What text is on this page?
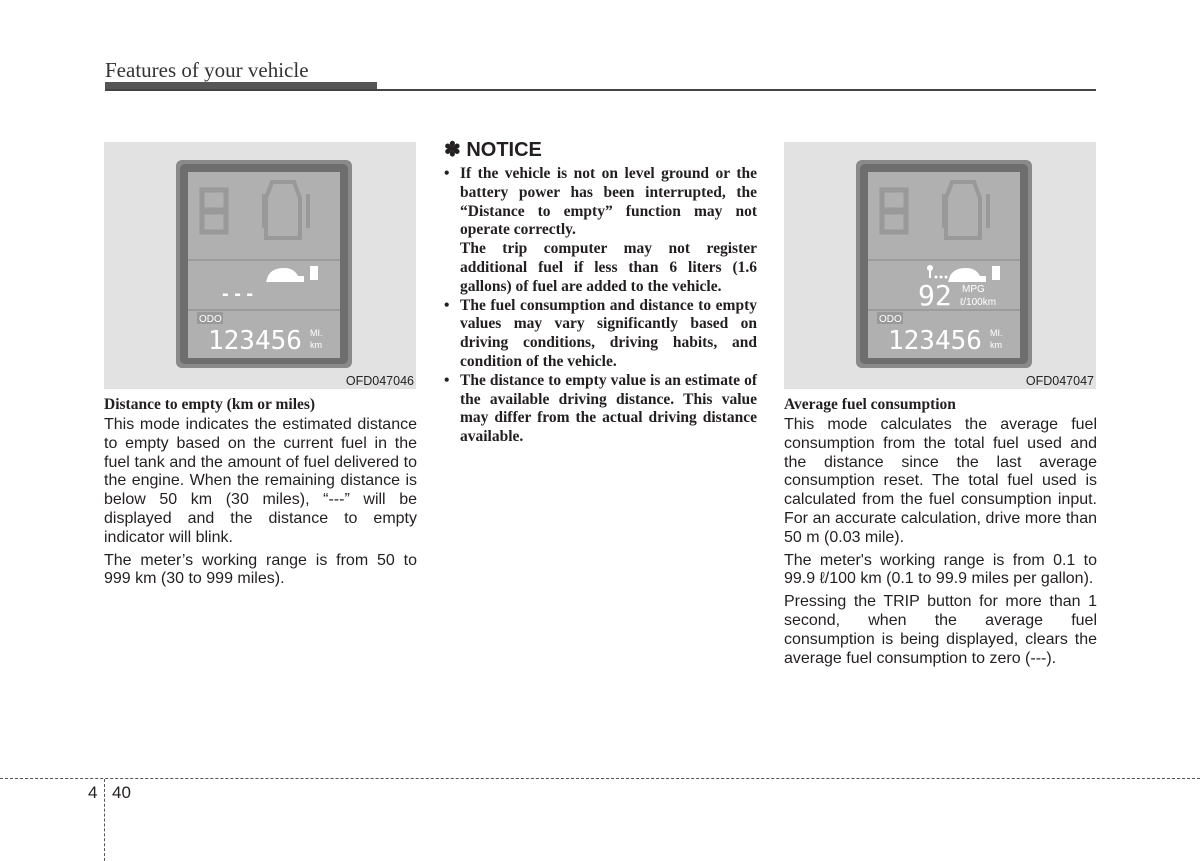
Features of your vehicle
- - -
ODO
123456 MI.
km
OFD047046
Distance to empty (km or miles)

This mode indicates the estimated distance to empty based on the current fuel in the fuel tank and the amount of fuel delivered to the engine. When the remaining distance is below 50 km (30 miles), “---” will be displayed and the distance to empty indicator will blink.

The meter’s working range is from 50 to 999 km (30 to 999 miles).

✽ NOTICE

• If the vehicle is not on level ground or the battery power has been interrupted, the “Distance to empty” function may not operate correctly.

The trip computer may not register additional fuel if less than 6 liters (1.6 gallons) of fuel are added to the vehicle.

• The fuel consumption and distance to empty values may vary significantly based on driving conditions, driving habits, and condition of the vehicle.

• The distance to empty value is an estimate of the available driving distance. This value may differ from the actual driving distance available.

92 MPG
ℓ/100km
ODO
123456 MI.
km
OFD047047
Average fuel consumption

This mode calculates the average fuel consumption from the total fuel used and the distance since the last average consumption reset. The total fuel used is calculated from the fuel consumption input. For an accurate calculation, drive more than 50 m (0.03 mile).

The meter's working range is from 0.1 to 99.9 ℓ/100 km (0.1 to 99.9 miles per gallon).

Pressing the TRIP button for more than 1 second, when the average fuel consumption is being displayed, clears the average fuel consumption to zero (---).

4 40
